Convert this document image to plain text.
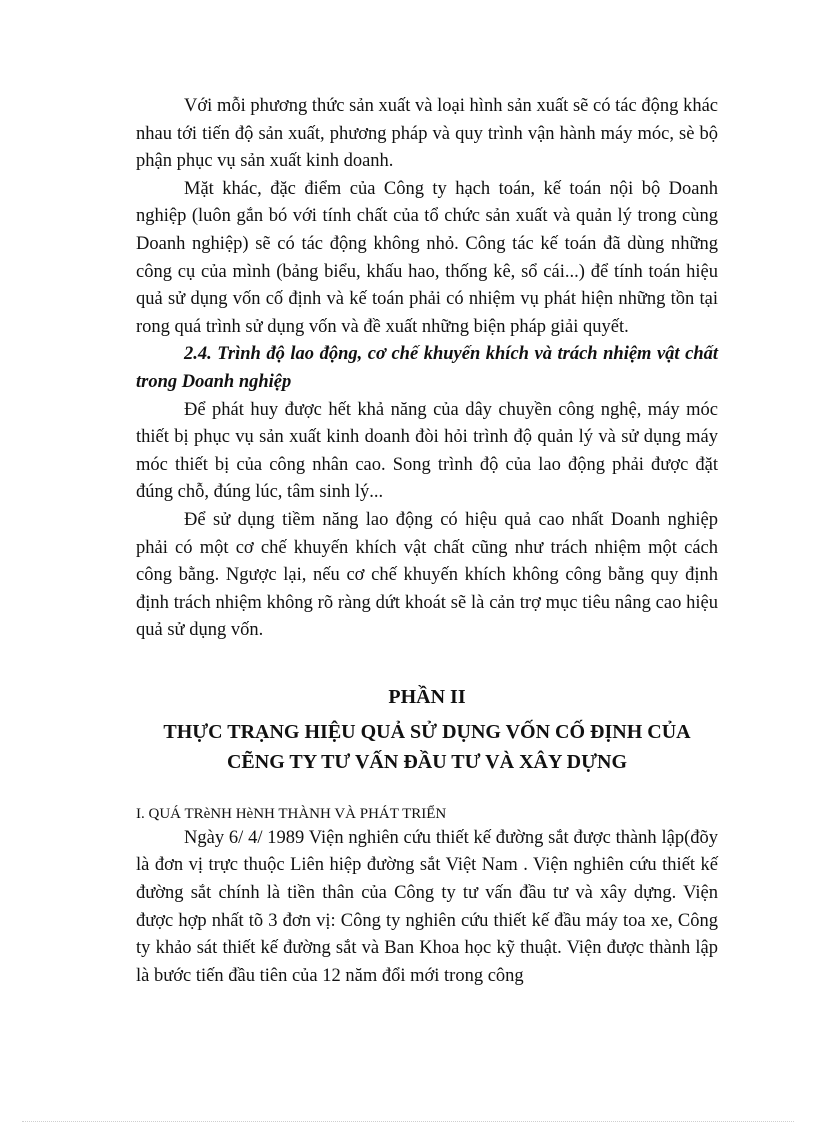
Với mỗi phương thức sản xuất và loại hình sản xuất sẽ có tác động khác nhau tới tiến độ sản xuất, phương pháp và quy trình vận hành máy móc, sè bộ phận phục vụ sản xuất kinh doanh.

Mặt khác, đặc điểm của Công ty hạch toán, kế toán nội bộ Doanh nghiệp (luôn gắn bó với tính chất của tổ chức sản xuất và quản lý trong cùng Doanh nghiệp) sẽ có tác động không nhỏ. Công tác kế toán đã dùng những công cụ của mình (bảng biểu, khấu hao, thống kê, sổ cái...) để tính toán hiệu quả sử dụng vốn cố định và kế toán phải có nhiệm vụ phát hiện những tồn tại rong quá trình sử dụng vốn và đề xuất những biện pháp giải quyết.

2.4. Trình độ lao động, cơ chế khuyến khích và trách nhiệm vật chất trong Doanh nghiệp

Để phát huy được hết khả năng của dây chuyền công nghệ, máy móc thiết bị phục vụ sản xuất kinh doanh đòi hỏi trình độ quản lý và sử dụng máy móc thiết bị của công nhân cao. Song trình độ của lao động phải được đặt đúng chỗ, đúng lúc, tâm sinh lý...

Để sử dụng tiềm năng lao động có hiệu quả cao nhất Doanh nghiệp phải có một cơ chế khuyến khích vật chất cũng như trách nhiệm một cách công bằng. Ngược lại, nếu cơ chế khuyến khích không công bằng quy định định trách nhiệm không rõ ràng dứt khoát sẽ là cản trợ mục tiêu nâng cao hiệu quả sử dụng vốn.

PHẦN II
THỰC TRẠNG HIỆU QUẢ SỬ DỤNG VỐN CỐ ĐỊNH CỦA
CẼNG TY TƯ VẤN ĐẦU TƯ VÀ XÂY DỰNG

I. QUÁ TRèNH HèNH THÀNH VÀ PHÁT TRIỂN

Ngày 6/ 4/ 1989 Viện nghiên cứu thiết kế đường sắt được thành lập(đõy là đơn vị trực thuộc Liên hiệp đường sắt Việt Nam . Viện nghiên cứu thiết kế đường sắt chính là tiền thân của Công ty tư vấn đầu tư và xây dựng. Viện được hợp nhất tõ 3 đơn vị: Công ty nghiên cứu thiết kế đầu máy toa xe, Công ty khảo sát thiết kế đường sắt và Ban Khoa học kỹ thuật. Viện được thành lập là bước tiến đầu tiên của 12 năm đổi mới trong công
